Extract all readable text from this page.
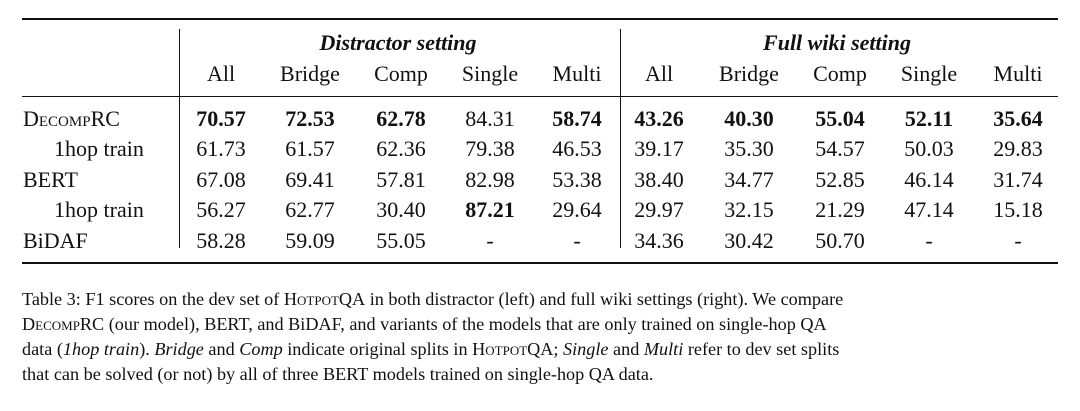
Distractor setting	Full wiki setting
All Bridge Comp Single Multi All Bridge Comp Single Multi
DecompRC	70.57 72.53 62.78 84.31 58.74 43.26 40.30 55.04 52.11 35.64
1hop train 61.73 61.57 62.36 79.38 46.53 39.17 35.30 54.57 50.03 29.83
BERT	67.08 69.41 57.81 82.98 53.38 38.40 34.77 52.85 46.14 31.74
1hop train 56.27 62.77 30.40 87.21 29.64 29.97 32.15 21.29 47.14 15.18
BiDAF	58.28 59.09 55.05	-	- 34.36 30.42 50.70	-	-

Table 3: F1 scores on the dev set of HotpotQA in both distractor (left) and full wiki settings (right). We compare

DecompRC (our model), BERT, and BiDAF, and variants of the models that are only trained on single-hop QA

data (1hop train). Bridge and Comp indicate original splits in HotpotQA; Single and Multi refer to dev set splits

that can be solved (or not) by all of three BERT models trained on single-hop QA data.
